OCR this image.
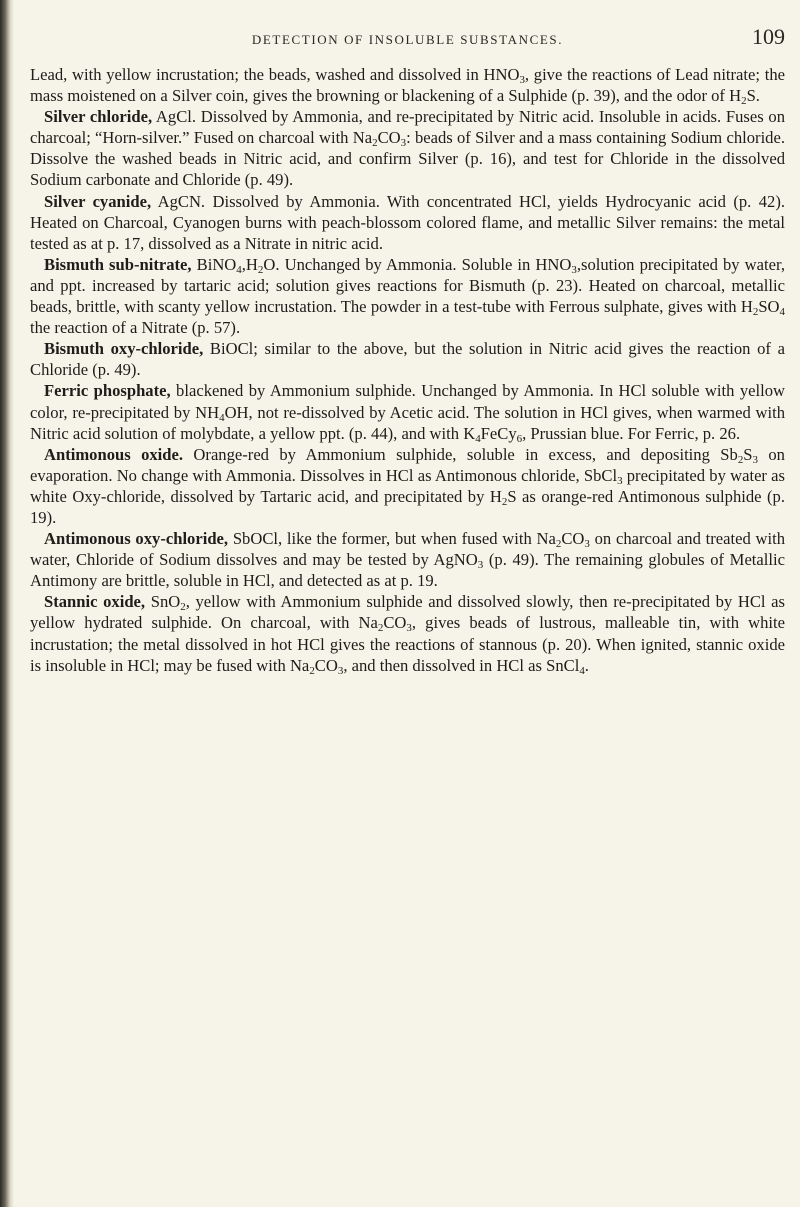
DETECTION OF INSOLUBLE SUBSTANCES.	109

Lead, with yellow incrustation; the beads, washed and dissolved in $HNO_3$, give the reactions of Lead nitrate; the mass moistened on a Silver coin, gives the browning or blackening of a Sulphide (p. 39), and the odor of $H_2S$.

Silver chloride, AgCl. Dissolved by Ammonia, and re-precipitated by Nitric acid. Insoluble in acids. Fuses on charcoal; “Horn-silver.” Fused on charcoal with $Na_2CO_3$: beads of Silver and a mass containing Sodium chloride. Dissolve the washed beads in Nitric acid, and confirm Silver (p. 16), and test for Chloride in the dissolved Sodium carbonate and Chloride (p. 49).

Silver cyanide, AgCN. Dissolved by Ammonia. With concentrated HCl, yields Hydrocyanic acid (p. 42). Heated on Charcoal, Cyanogen burns with peach-blossom colored flame, and metallic Silver remains: the metal tested as at p. 17, dissolved as a Nitrate in nitric acid.

Bismuth sub-nitrate, $BiNO_4,H_2O$. Unchanged by Ammonia. Soluble in $HNO_3,solution$ precipitated by water, and ppt. increased by tartaric acid; solution gives reactions for Bismuth (p. 23). Heated on charcoal, metallic beads, brittle, with scanty yellow incrustation. The powder in a test-tube with Ferrous sulphate, gives with $H_2SO_4$ the reaction of a Nitrate (p. 57).

Bismuth oxy-chloride, BiOCl; similar to the above, but the solution in Nitric acid gives the reaction of a Chloride (p. 49).

Ferric phosphate, blackened by Ammonium sulphide. Unchanged by Ammonia. In HCl soluble with yellow color, re-precipitated by $NH_4OH$, not re-dissolved by Acetic acid. The solution in HCl gives, when warmed with Nitric acid solution of molybdate, a yellow ppt. (p. 44), and with $K_4FeCy_6$, Prussian blue. For Ferric, p. 26.

Antimonous oxide. Orange-red by Ammonium sulphide, soluble in excess, and depositing $Sb_2S_3$ on evaporation. No change with Ammonia. Dissolves in HCl as Antimonous chloride, SbCl$_3$ precipitated by water as white Oxy-chloride, dissolved by Tartaric acid, and precipitated by $H_2S$ as orange-red Antimonous sulphide (p. 19).

Antimonous oxy-chloride, SbOCl, like the former, but when fused with $Na_2CO_3$ on charcoal and treated with water, Chloride of Sodium dissolves and may be tested by AgNO$_3$ (p. 49). The remaining globules of Metallic Antimony are brittle, soluble in HCl, and detected as at p. 19.

Stannic oxide, SnO$_2$, yellow with Ammonium sulphide and dissolved slowly, then re-precipitated by HCl as yellow hydrated sulphide. On charcoal, with $Na_2CO_3$, gives beads of lustrous, malleable tin, with white incrustation; the metal dissolved in hot HCl gives the reactions of stannous (p. 20). When ignited, stannic oxide is insoluble in HCl; may be fused with $Na_2CO_3$, and then dissolved in HCl as SnCl$_4$.
